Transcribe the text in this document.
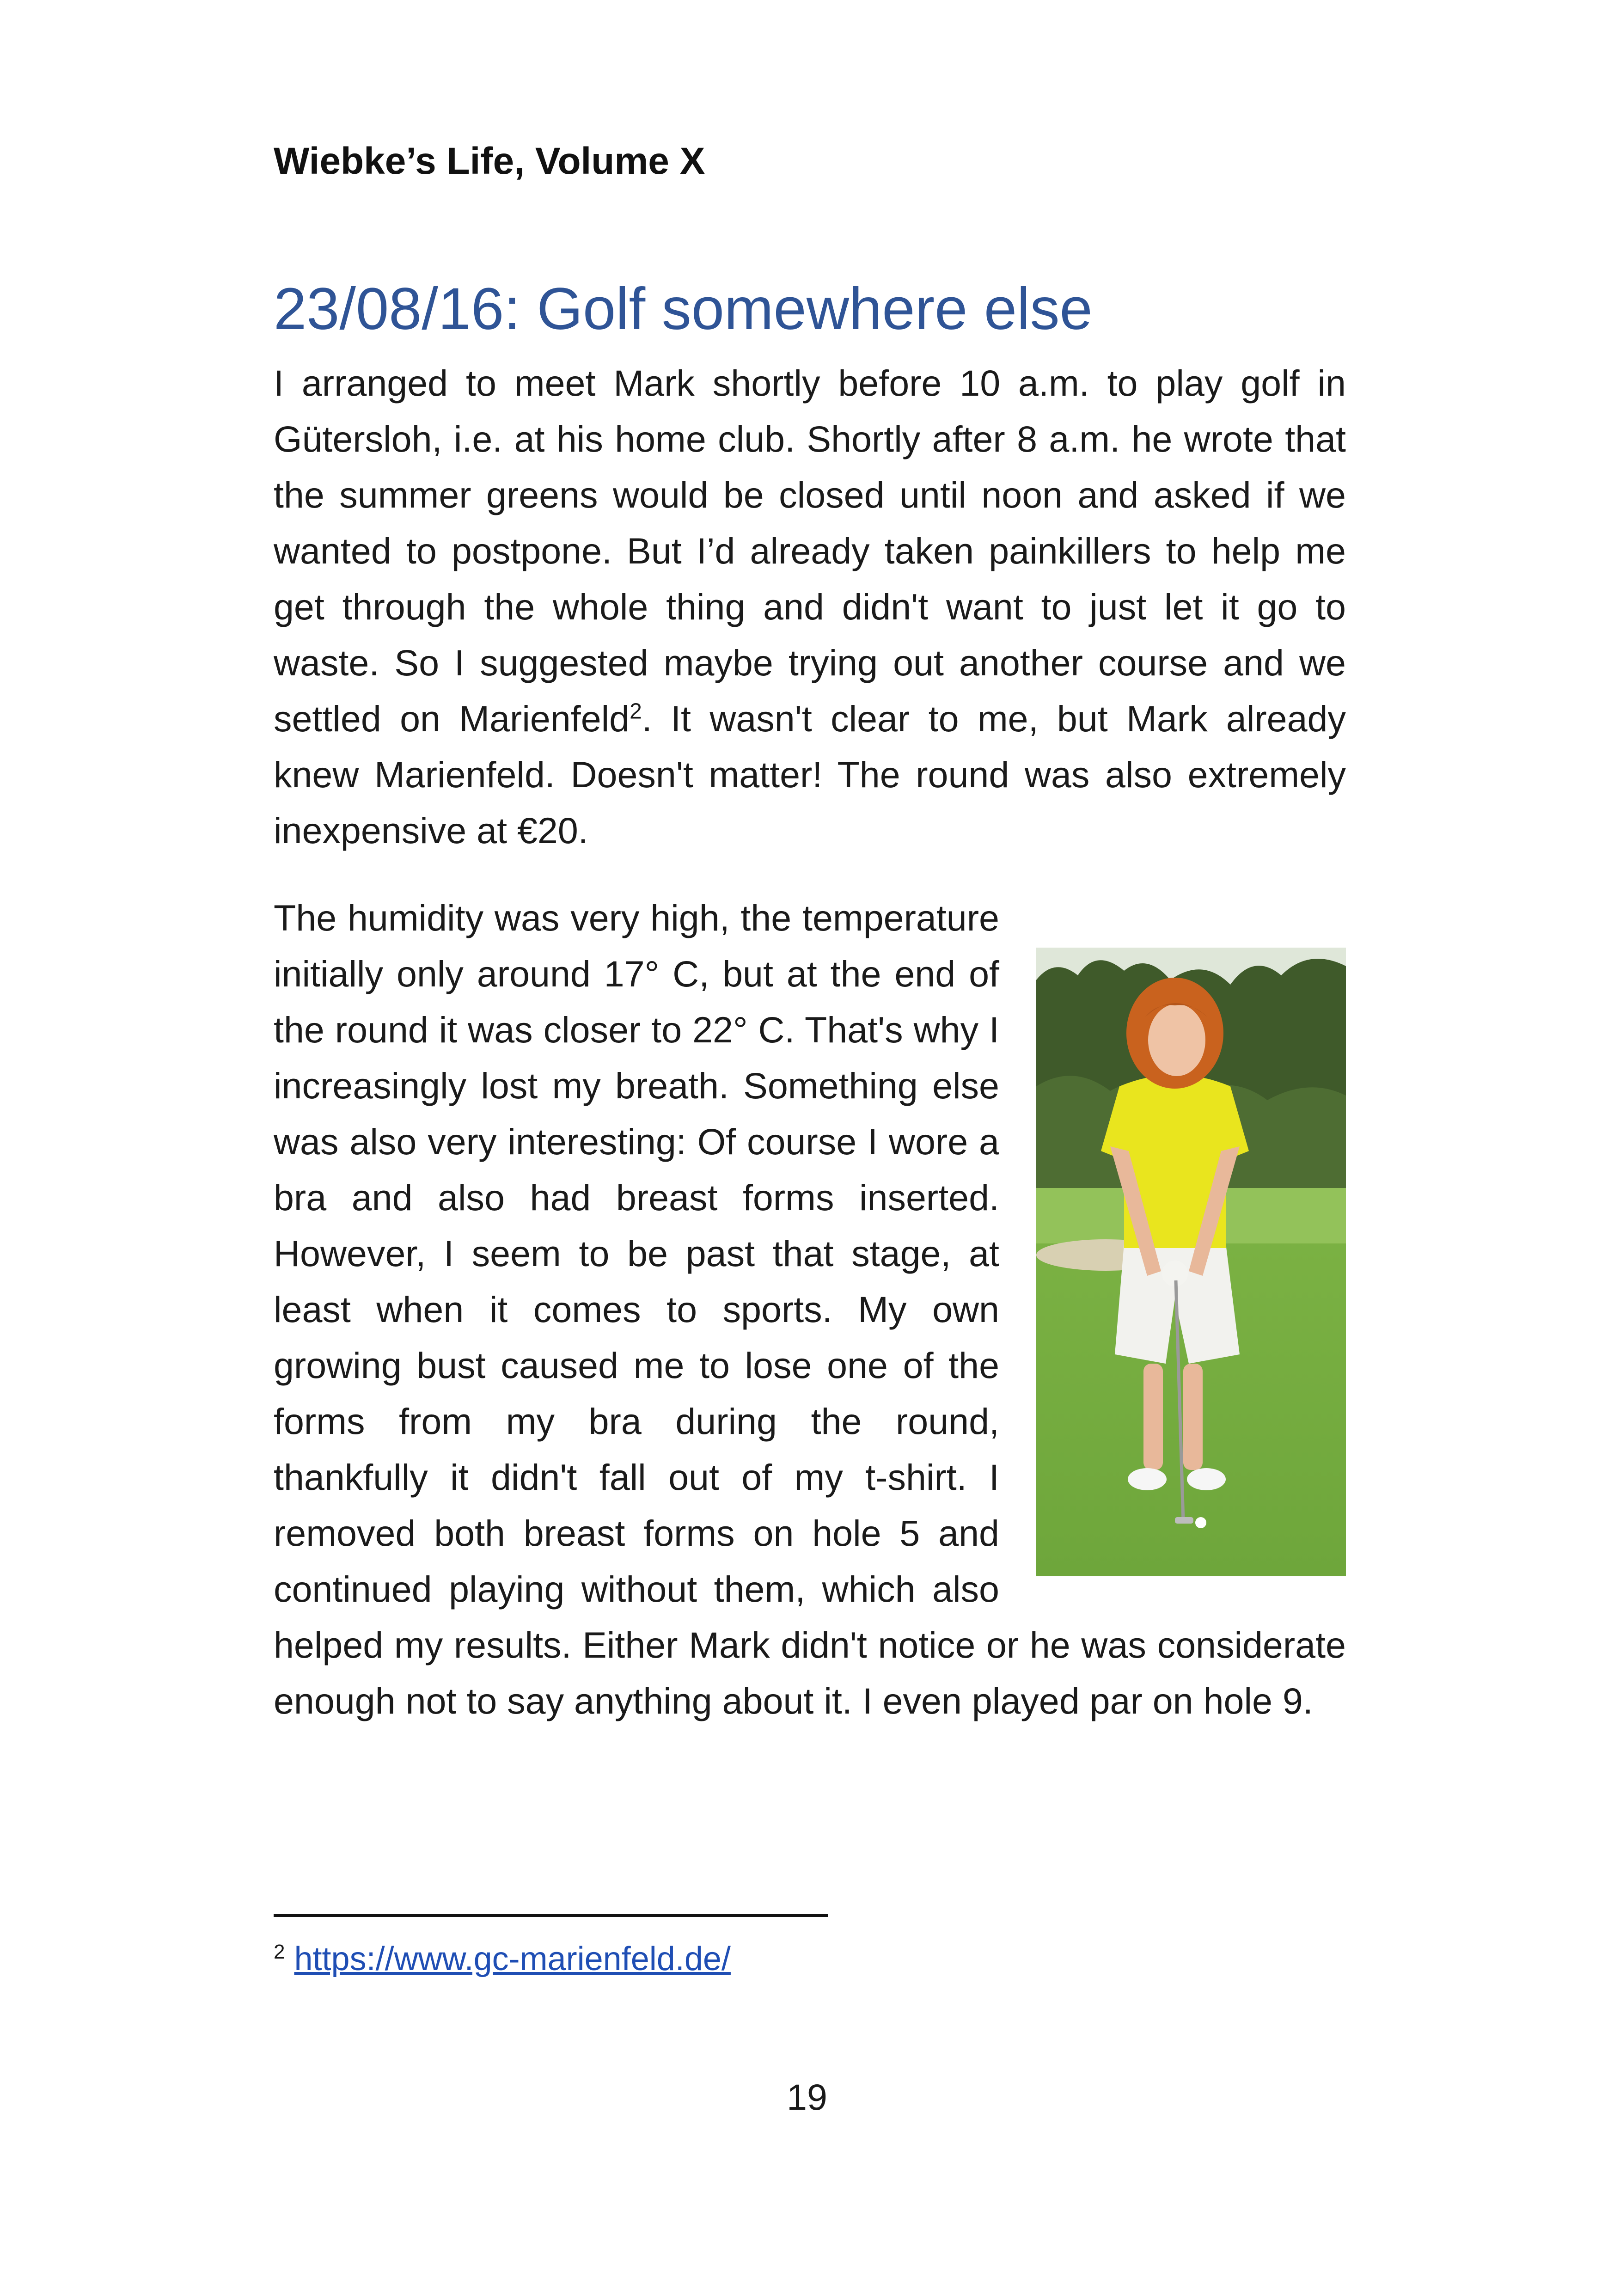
Wiebke’s Life, Volume X

23/08/16: Golf somewhere else

I arranged to meet Mark shortly before 10 a.m. to play golf in Gütersloh, i.e. at his home club. Shortly after 8 a.m. he wrote that the summer greens would be closed until noon and asked if we wanted to postpone. But I’d already taken painkillers to help me get through the whole thing and didn't want to just let it go to waste. So I suggested maybe trying out another course and we settled on Marienfeld$^2$. It wasn't clear to me, but Mark already knew Marienfeld. Doesn't matter! The round was also extremely inexpensive at €20.

The humidity was very high, the temperature initially only around 17° C, but at the end of the round it was closer to 22° C. That's why I increasingly lost my breath. Something else was also very interesting: Of course I wore a bra and also had breast forms inserted. However, I seem to be past that stage, at least when it comes to sports. My own growing bust caused me to lose one of the forms from my bra during the round, thankfully it didn't fall out of my t-shirt. I removed both breast forms on hole 5 and continued playing without them, which also helped my results. Either Mark didn't notice or he was considerate enough not to say anything about it. I even played par on hole 9.

$^2$ https://www.gc-marienfeld.de/

19
